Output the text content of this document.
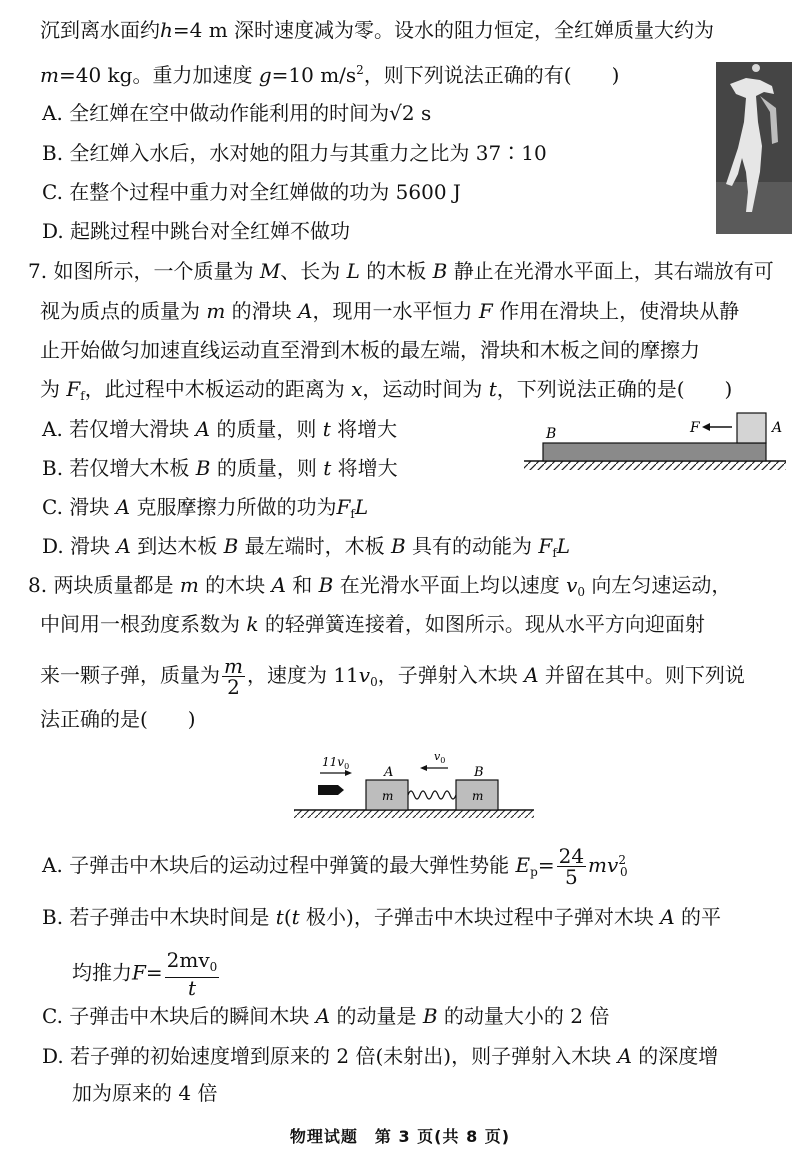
沉到离水面约h=4 m 深时速度减为零。设水的阻力恒定，全红婵质量大约为
m=40 kg。重力加速度 g=10 $m/s^2$，则下列说法正确的有(　　)
A. 全红婵在空中做动作能利用的时间为√2 s
B. 全红婵入水后，水对她的阻力与其重力之比为 37∶10
C. 在整个过程中重力对全红婵做的功为 5600 J
D. 起跳过程中跳台对全红婵不做功
7. 如图所示，一个质量为 M、长为 L 的木板 B 静止在光滑水平面上，其右端放有可
视为质点的质量为 m 的滑块 A，现用一水平恒力 F 作用在滑块上，使滑块从静
止开始做匀加速直线运动直至滑到木板的最左端，滑块和木板之间的摩擦力
为 $F_f$，此过程中木板运动的距离为 x，运动时间为 t，下列说法正确的是(　　)
A. 若仅增大滑块 A 的质量，则 t 将增大
B. 若仅增大木板 B 的质量，则 t 将增大
C. 滑块 A 克服摩擦力所做的功为$F_fL$
D. 滑块 A 到达木板 B 最左端时，木板 B 具有的动能为 $F_fL$
F
B	A
8. 两块质量都是 m 的木块 A 和 B 在光滑水平面上均以速度 $v_0$ 向左匀速运动，
中间用一根劲度系数为 k 的轻弹簧连接着，如图所示。现从水平方向迎面射
来一颗子弹，质量为 $\frac{m}{2}$ ，速度为 $11v_0$，子弹射入木块 A 并留在其中。则下列说
法正确的是(　　)
$11v_0$	A	B
$v_0$
m	m
A. 子弹击中木块后的运动过程中弹簧的最大弹性势能 $E_p= \frac{24}{5} mv^2_0$
B. 若子弹击中木块时间是 t(t 极小)，子弹击中木块过程中子弹对木块 A 的平
均推力$F= \frac{2mv_0}{t}$
C. 子弹击中木块后的瞬间木块 A 的动量是 B 的动量大小的 2 倍
D. 若子弹的初始速度增到原来的 2 倍(未射出)，则子弹射入木块 A 的深度增
加为原来的 4 倍
物理试题　第 3 页(共 8 页)
